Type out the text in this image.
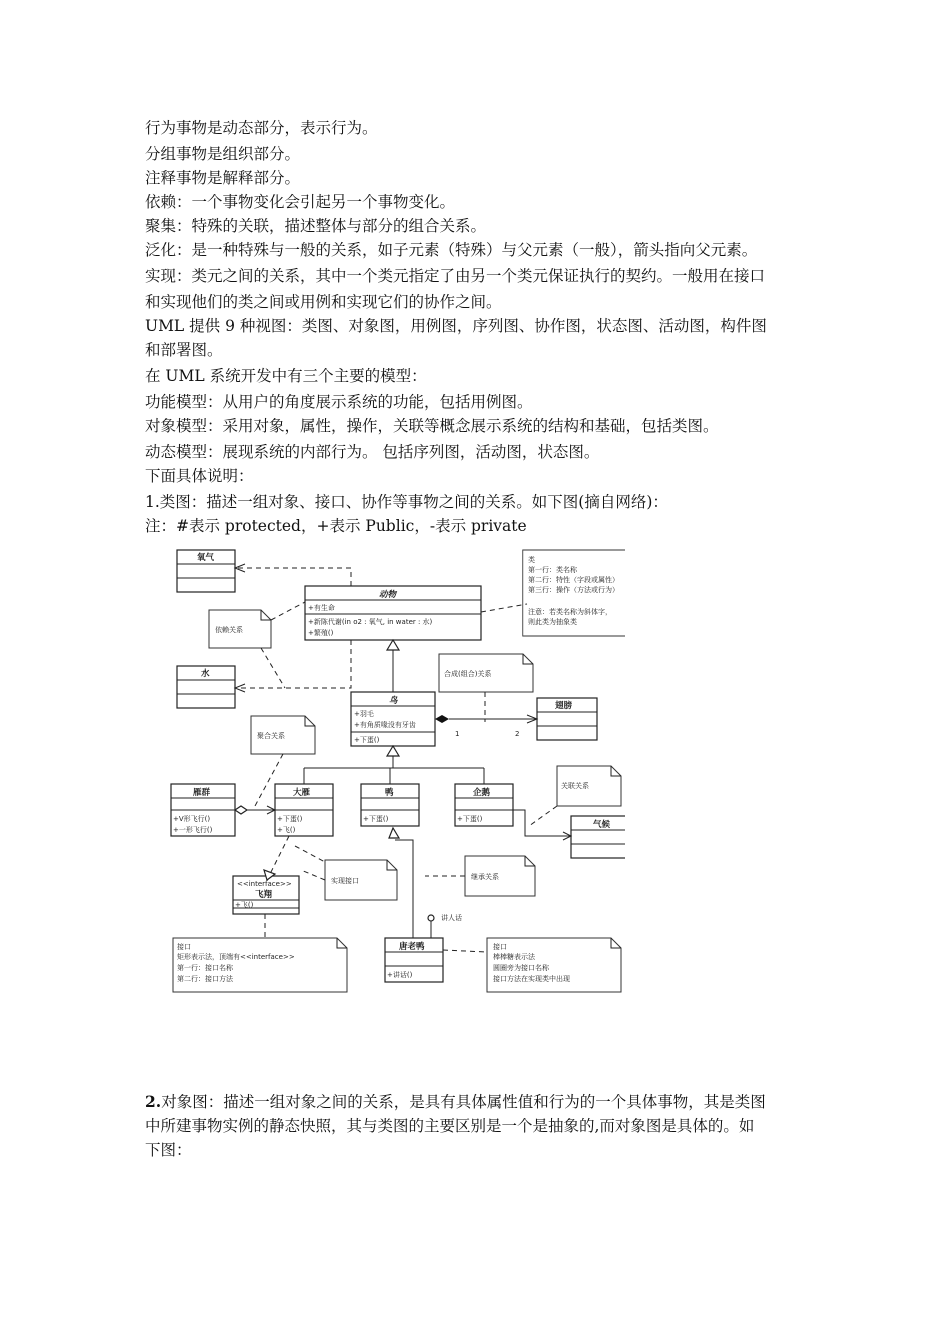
行为事物是动态部分，表示行为。

分组事物是组织部分。

注释事物是解释部分。

依赖：一个事物变化会引起另一个事物变化。

聚集：特殊的关联，描述整体与部分的组合关系。

泛化：是一种特殊与一般的关系，如子元素（特殊）与父元素（一般），箭头指向父元素。

实现：类元之间的关系，其中一个类元指定了由另一个类元保证执行的契约。一般用在接口

和实现他们的类之间或用例和实现它们的协作之间。

UML 提供 9 种视图：类图、对象图，用例图，序列图、协作图，状态图、活动图，构件图

和部署图。

在 UML 系统开发中有三个主要的模型：

功能模型：从用户的角度展示系统的功能，包括用例图。

对象模型：采用对象，属性，操作，关联等概念展示系统的结构和基础，包括类图。

动态模型：展现系统的内部行为。 包括序列图，活动图，状态图。

下面具体说明：

1.类图：描述一组对象、接口、协作等事物之间的关系。如下图(摘自网络)：

注：#表示 protected，+表示 Public，-表示 private

氧气
水
依赖关系
动物
+有生命
+新陈代谢(in o2 : 氧气, in water : 水)
+繁殖()
类
第一行：类名称
第二行：特性（字段或属性）
第三行：操作（方法或行为）
注意：若类名称为斜体字，
则此类为抽象类
合成(组合)关系
鸟
+羽毛
+有角质喙没有牙齿
+下蛋()
翅膀
聚合关系
雁群
+V形飞行()
+一形飞行()
大雁
+下蛋()
+飞()
鸭
+下蛋()
企鹅
+下蛋()
关联关系
气候
<<interface>>
飞翔
+飞()
实现接口	继承关系
接口
矩形表示法，顶端有<<interface>>
第一行：接口名称
第二行：接口方法
讲人话
唐老鸭
+讲话()
接口
棒棒糖表示法
圆圈旁为接口名称
接口方法在实现类中出现
1	2

2.对象图：描述一组对象之间的关系，是具有具体属性值和行为的一个具体事物，其是类图

中所建事物实例的静态快照，其与类图的主要区别是一个是抽象的,而对象图是具体的。如

下图：
